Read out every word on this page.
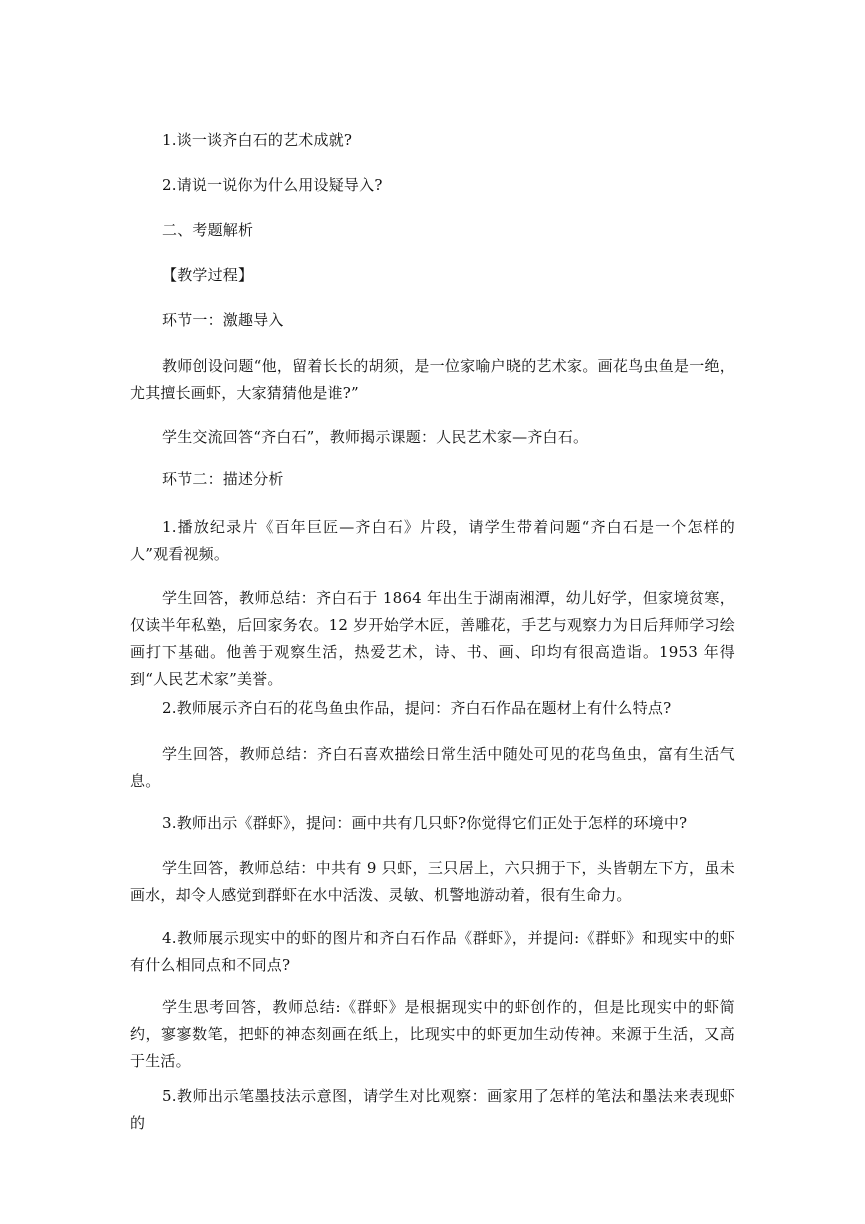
1.谈一谈齐白石的艺术成就?

2.请说一说你为什么用设疑导入?

二、考题解析

【教学过程】

环节一：激趣导入

教师创设问题“他，留着长长的胡须，是一位家喻户晓的艺术家。画花鸟虫鱼是一绝，尤其擅长画虾，大家猜猜他是谁?”

学生交流回答“齐白石”，教师揭示课题：人民艺术家—齐白石。

环节二：描述分析

1.播放纪录片《百年巨匠—齐白石》片段，请学生带着问题“齐白石是一个怎样的人”观看视频。

学生回答，教师总结：齐白石于 1864 年出生于湖南湘潭，幼儿好学，但家境贫寒，仅读半年私塾，后回家务农。12 岁开始学木匠，善雕花，手艺与观察力为日后拜师学习绘画打下基础。他善于观察生活，热爱艺术，诗、书、画、印均有很高造诣。1953 年得到“人民艺术家”美誉。

2.教师展示齐白石的花鸟鱼虫作品，提问：齐白石作品在题材上有什么特点?

学生回答，教师总结：齐白石喜欢描绘日常生活中随处可见的花鸟鱼虫，富有生活气息。

3.教师出示《群虾》，提问：画中共有几只虾?你觉得它们正处于怎样的环境中?

学生回答，教师总结：中共有 9 只虾，三只居上，六只拥于下，头皆朝左下方，虽未画水，却令人感觉到群虾在水中活泼、灵敏、机警地游动着，很有生命力。

4.教师展示现实中的虾的图片和齐白石作品《群虾》，并提问:《群虾》和现实中的虾有什么相同点和不同点?

学生思考回答，教师总结:《群虾》是根据现实中的虾创作的，但是比现实中的虾简约，寥寥数笔，把虾的神态刻画在纸上，比现实中的虾更加生动传神。来源于生活，又高于生活。

5.教师出示笔墨技法示意图，请学生对比观察：画家用了怎样的笔法和墨法来表现虾的
